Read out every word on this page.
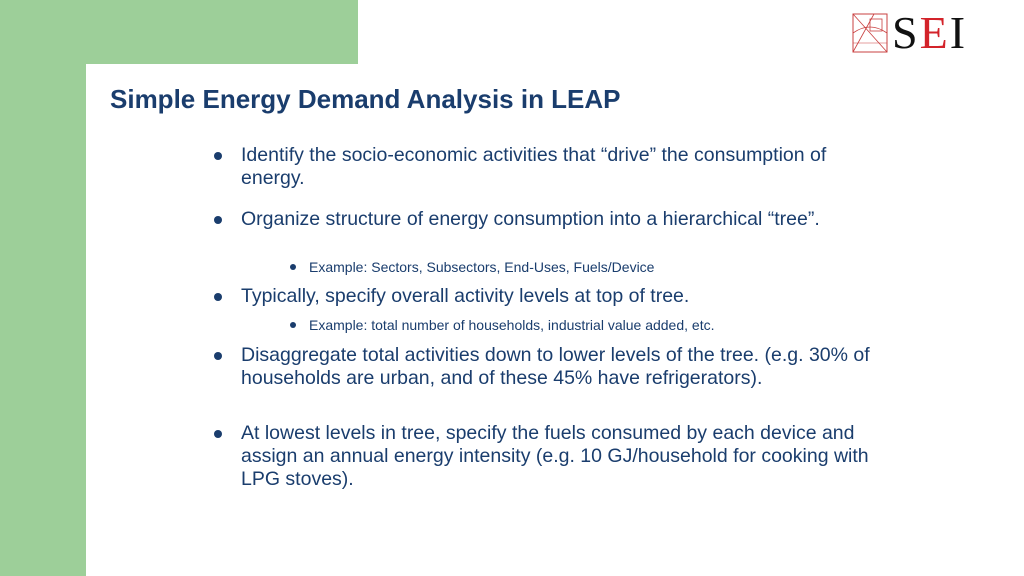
SEI
Simple Energy Demand Analysis in LEAP
Identify the socio-economic activities that “drive” the consumption of energy.
Organize structure of energy consumption into a hierarchical “tree”.
Example: Sectors, Subsectors, End-Uses, Fuels/Device
Typically, specify overall activity levels at top of tree.
Example: total number of households, industrial value added, etc.
Disaggregate total activities down to lower levels of the tree. (e.g. 30% of households are urban, and of these 45% have refrigerators).
At lowest levels in tree, specify the fuels consumed by each device and assign an annual energy intensity (e.g. 10 GJ/household for cooking with LPG stoves).
